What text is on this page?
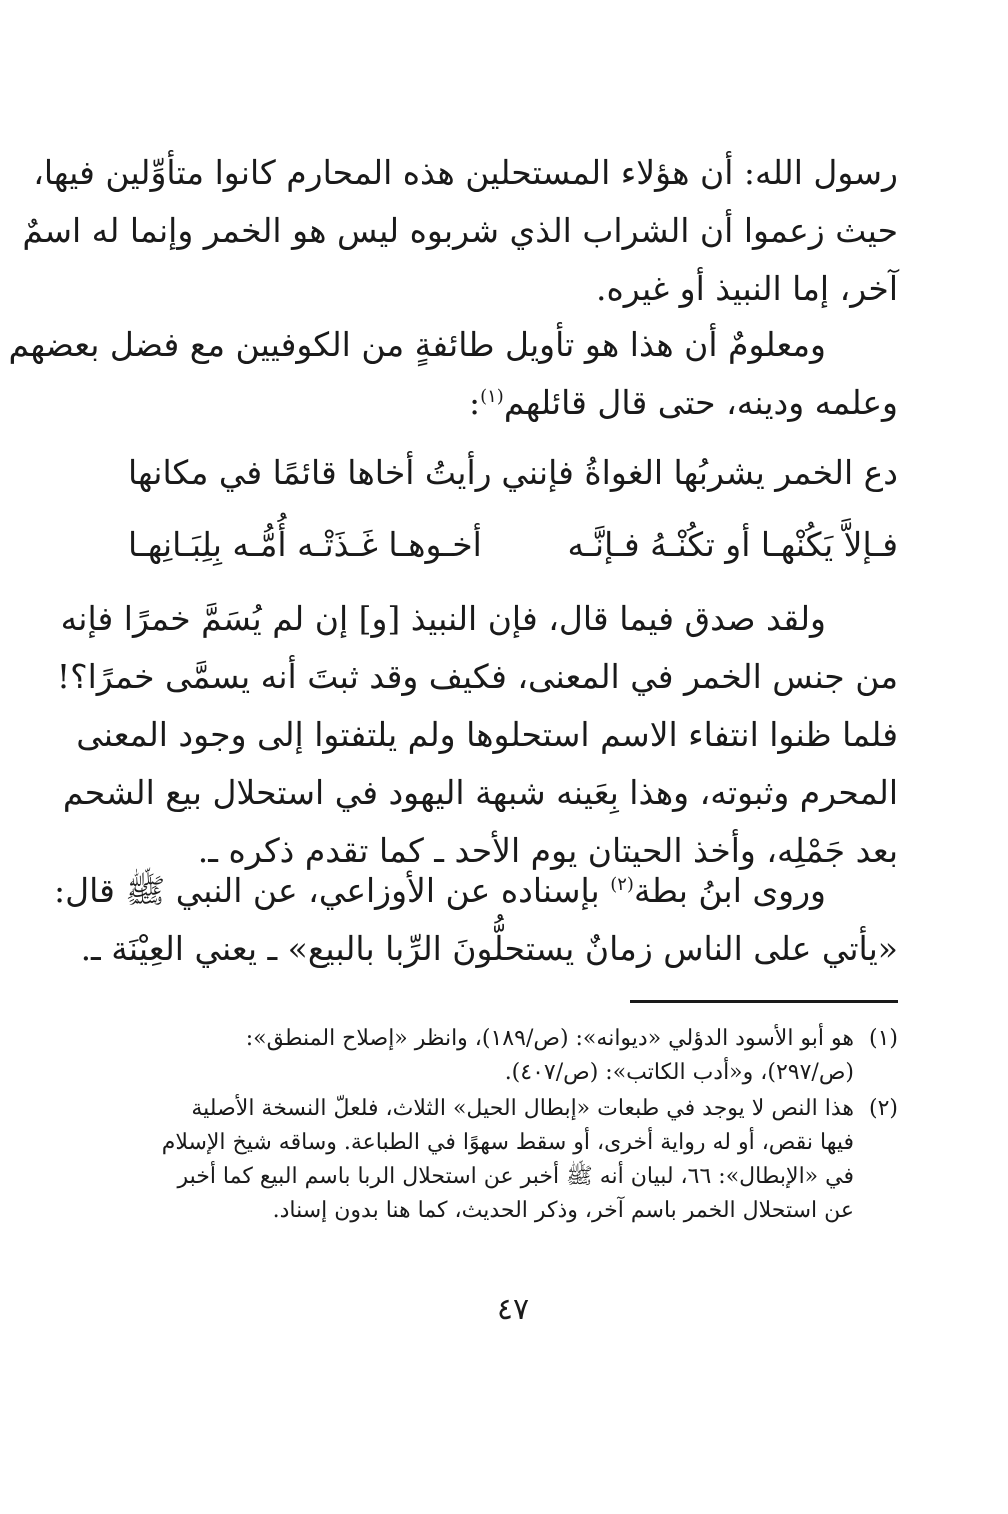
رسول الله: أن هؤلاء المستحلين هذه المحارم كانوا متأوِّلين فيها،
حيث زعموا أن الشراب الذي شربوه ليس هو الخمر وإنما له اسمٌ
آخر، إما النبيذ أو غيره.
ومعلومٌ أن هذا هو تأويل طائفةٍ من الكوفيين مع فضل بعضهم
وعلمه ودينه، حتى قال قائلهم$^{(١)}$:
دع الخمر يشربُها الغواةُ فإنني
رأيتُ أخاها قائمًا في مكانها
فـإلاَّ يَكُنْهـا أو تكُنْـهُ فـإنَّـه
أخـوهـا غَـذَتْـه أُمُّـه بِلِبَـانِهـا
ولقد صدق فيما قال، فإن النبيذ [و] إن لم يُسَمَّ خمرًا فإنه
من جنس الخمر في المعنى، فكيف وقد ثبتَ أنه يسمَّى خمرًا؟!
فلما ظنوا انتفاء الاسم استحلوها ولم يلتفتوا إلى وجود المعنى
المحرم وثبوته، وهذا بِعَينه شبهة اليهود في استحلال بيع الشحم
بعد جَمْلِه، وأخذ الحيتان يوم الأحد ـ كما تقدم ذكره ـ.
وروى ابنُ بطة$^{(٢)}$ بإسناده عن الأوزاعي، عن النبي ﷺ قال:
«يأتي على الناس زمانٌ يستحلُّونَ الرِّبا بالبيع» ـ يعني العِيْنَة ـ.
(١)
هو أبو الأسود الدؤلي «ديوانه»: (ص/١٨٩)، وانظر «إصلاح المنطق»:
(ص/٢٩٧)، و«أدب الكاتب»: (ص/٤٠٧).
(٢)
هذا النص لا يوجد في طبعات «إبطال الحيل» الثلاث، فلعلّ النسخة الأصلية
فيها نقص، أو له رواية أخرى، أو سقط سهوًا في الطباعة. وساقه شيخ الإسلام
في «الإبطال»: ٦٦، لبيان أنه ﷺ أخبر عن استحلال الربا باسم البيع كما أخبر
عن استحلال الخمر باسم آخر، وذكر الحديث، كما هنا بدون إسناد.
٤٧
